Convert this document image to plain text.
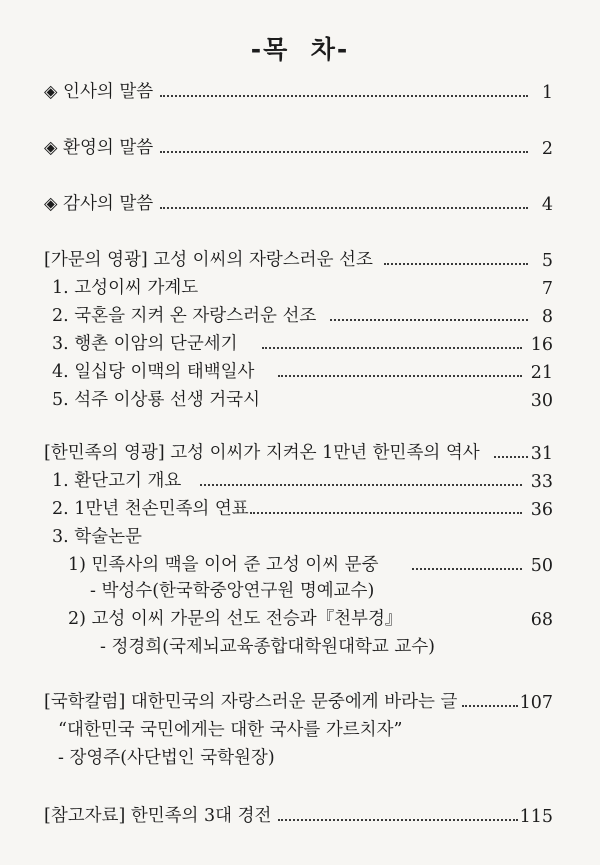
-목  차-
◈ 인사의 말씀	1
◈ 환영의 말씀	2
◈ 감사의 말씀	4
[가문의 영광] 고성 이씨의 자랑스러운 선조	5
1. 고성이씨 가계도	7
2. 국혼을 지켜 온 자랑스러운 선조	8
3. 행촌 이암의 단군세기	16
4. 일십당 이맥의 태백일사	21
5. 석주 이상룡 선생 거국시	30
[한민족의 영광] 고성 이씨가 지켜온 1만년 한민족의 역사	31
1. 환단고기 개요	33
2. 1만년 천손민족의 연표	36
3. 학술논문
1) 민족사의 맥을 이어 준 고성 이씨 문중	50
- 박성수(한국학중앙연구원 명예교수)
2) 고성 이씨 가문의 선도 전승과『천부경』	68
- 정경희(국제뇌교육종합대학원대학교 교수)
[국학칼럼] 대한민국의 자랑스러운 문중에게 바라는 글	107
“대한민국 국민에게는 대한 국사를 가르치자”
- 장영주(사단법인 국학원장)
[참고자료] 한민족의 3대 경전	115
